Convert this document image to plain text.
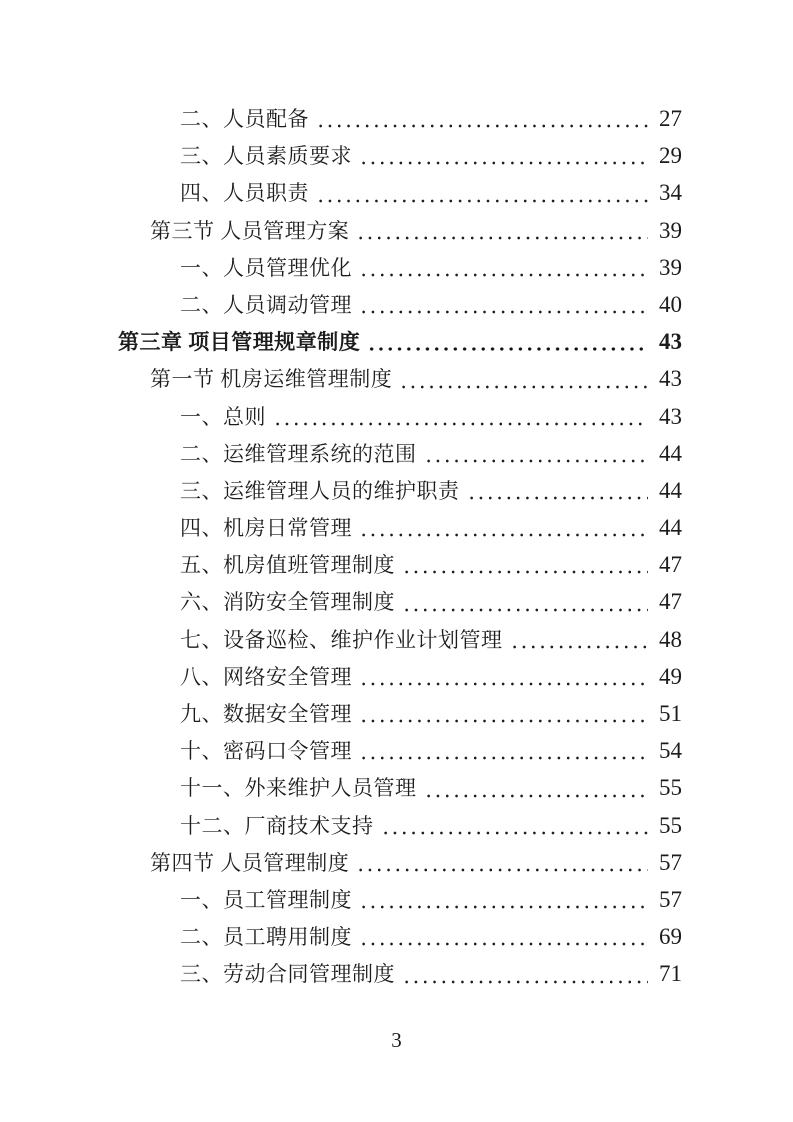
二、人员配备	27
三、人员素质要求	29
四、人员职责	34
第三节 人员管理方案	39
一、人员管理优化	39
二、人员调动管理	40
第三章 项目管理规章制度	43
第一节 机房运维管理制度	43
一、总则	43
二、运维管理系统的范围	44
三、运维管理人员的维护职责	44
四、机房日常管理	44
五、机房值班管理制度	47
六、消防安全管理制度	47
七、设备巡检、维护作业计划管理	48
八、网络安全管理	49
九、数据安全管理	51
十、密码口令管理	54
十一、外来维护人员管理	55
十二、厂商技术支持	55
第四节 人员管理制度	57
一、员工管理制度	57
二、员工聘用制度	69
三、劳动合同管理制度	71
3
